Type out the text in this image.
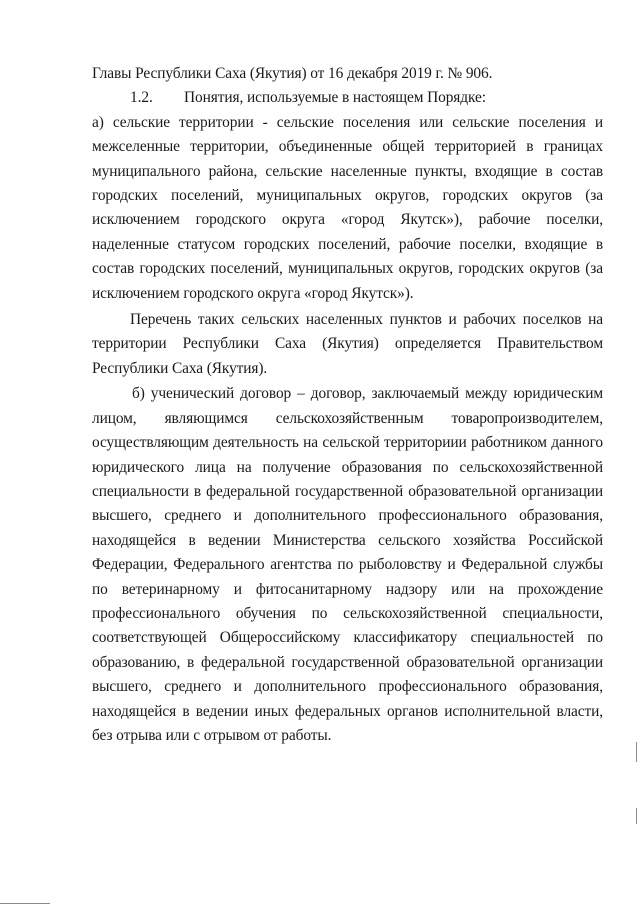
Главы Республики Саха (Якутия) от 16 декабря 2019 г. № 906.

1.2.	Понятия, используемые в настоящем Порядке:

а) сельские территории - сельские поселения или сельские поселения и межселенные территории, объединенные общей территорией в границах муниципального района, сельские населенные пункты, входящие в состав городских поселений, муниципальных округов, городских округов (за исключением городского округа «город Якутск»), рабочие поселки, наделенные статусом городских поселений, рабочие поселки, входящие в состав городских поселений, муниципальных округов, городских округов (за исключением городского округа «город Якутск»).

Перечень таких сельских населенных пунктов и рабочих поселков на территории Республики Саха (Якутия) определяется Правительством Республики Саха (Якутия).

б) ученический договор – договор, заключаемый между юридическим лицом, являющимся сельскохозяйственным товаропроизводителем, осуществляющим деятельность на сельской территориии работником данного юридического лица на получение образования по сельскохозяйственной специальности в федеральной государственной образовательной организации высшего, среднего и дополнительного профессионального образования, находящейся в ведении Министерства сельского хозяйства Российской Федерации, Федерального агентства по рыболовству и Федеральной службы по ветеринарному и фитосанитарному надзору или на прохождение профессионального обучения по сельскохозяйственной специальности, соответствующей Общероссийскому классификатору специальностей по образованию, в федеральной государственной образовательной организации высшего, среднего и дополнительного профессионального образования, находящейся в ведении иных федеральных органов исполнительной власти, без отрыва или с отрывом от работы.
